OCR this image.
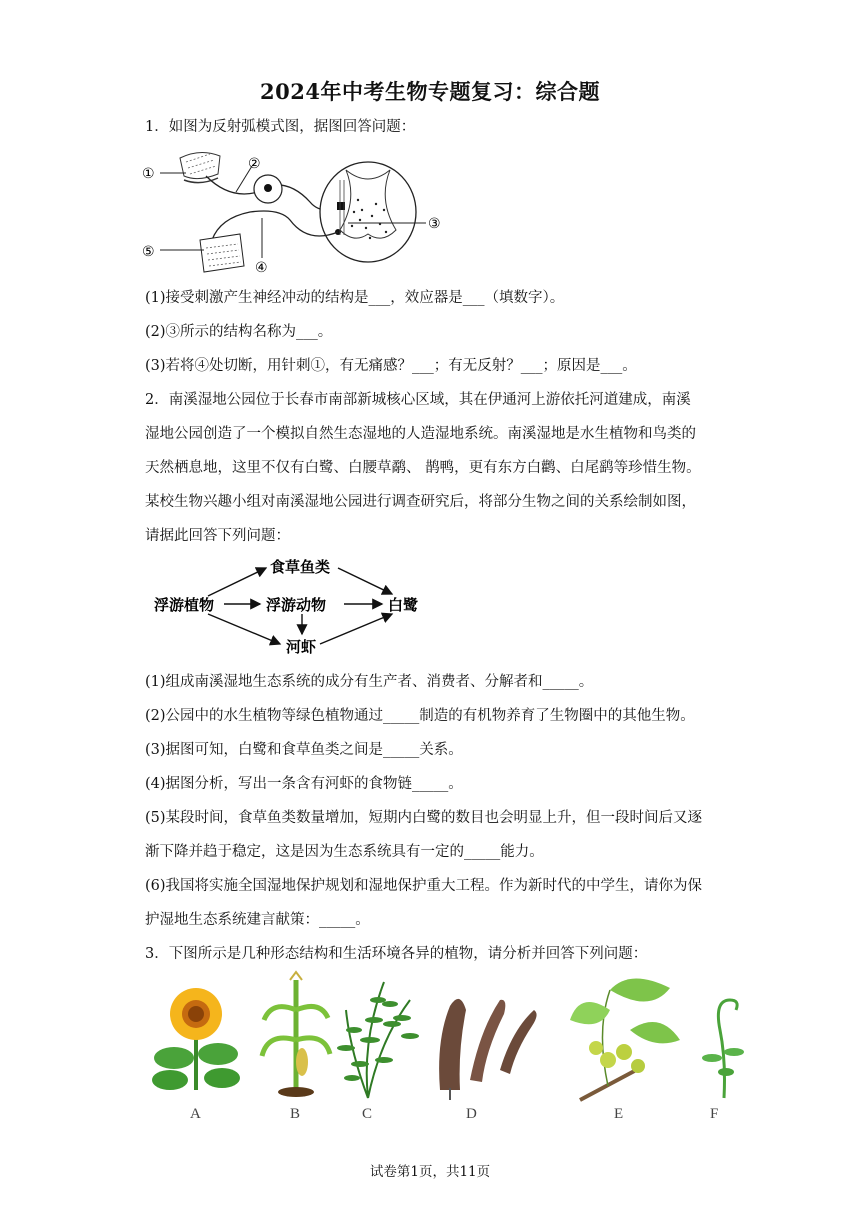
2024年中考生物专题复习：综合题
1．如图为反射弧模式图，据图回答问题：
①
②
③
④
⑤
(1)接受刺激产生神经冲动的结构是___，效应器是___（填数字）。
(2)③所示的结构名称为___。
(3)若将④处切断，用针刺①，有无痛感？___；有无反射？___；原因是___。
2．南溪湿地公园位于长春市南部新城核心区域，其在伊通河上游依托河道建成，南溪
湿地公园创造了一个模拟自然生态湿地的人造湿地系统。南溪湿地是水生植物和鸟类的
天然栖息地，这里不仅有白鹭、白腰草鹬、 鹊鸭，更有东方白鹳、白尾鹞等珍惜生物。
某校生物兴趣小组对南溪湿地公园进行调查研究后，将部分生物之间的关系绘制如图，
请据此回答下列问题：
食草鱼类
浮游植物	浮游动物	白鹭
河虾
(1)组成南溪湿地生态系统的成分有生产者、消费者、分解者和_____。
(2)公园中的水生植物等绿色植物通过_____制造的有机物养育了生物圈中的其他生物。
(3)据图可知，白鹭和食草鱼类之间是_____关系。
(4)据图分析，写出一条含有河虾的食物链_____。
(5)某段时间，食草鱼类数量增加，短期内白鹭的数目也会明显上升，但一段时间后又逐
渐下降并趋于稳定，这是因为生态系统具有一定的_____能力。
(6)我国将实施全国湿地保护规划和湿地保护重大工程。作为新时代的中学生，请你为保
护湿地生态系统建言献策：_____。
3．下图所示是几种形态结构和生活环境各异的植物，请分析并回答下列问题：
A	B	C	D	E	F
试卷第1页，共11页
